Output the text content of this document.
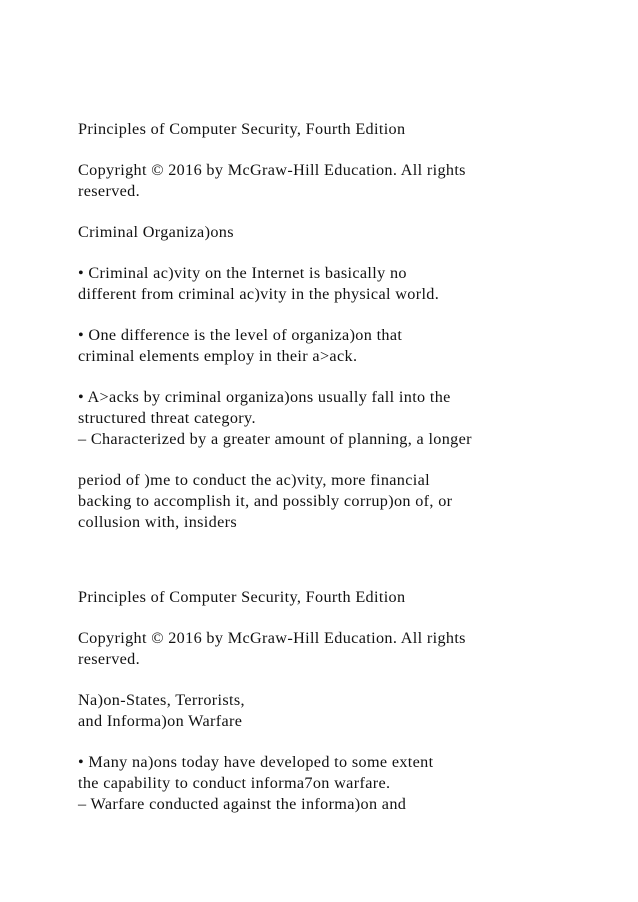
Principles of Computer Security, Fourth Edition
Copyright © 2016 by McGraw-Hill Education. All rights
reserved.
Criminal Organiza)ons
• Criminal ac)vity on the Internet is basically no
different from criminal ac)vity in the physical world.
• One difference is the level of organiza)on that
criminal elements employ in their a>ack.
• A>acks by criminal organiza)ons usually fall into the
structured threat category.
– Characterized by a greater amount of planning, a longer
period of )me to conduct the ac)vity, more financial
backing to accomplish it, and possibly corrup)on of, or
collusion with, insiders
Principles of Computer Security, Fourth Edition
Copyright © 2016 by McGraw-Hill Education. All rights
reserved.
Na)on-States, Terrorists,
and Informa)on Warfare
• Many na)ons today have developed to some extent
the capability to conduct informa7on warfare.
– Warfare conducted against the informa)on and
